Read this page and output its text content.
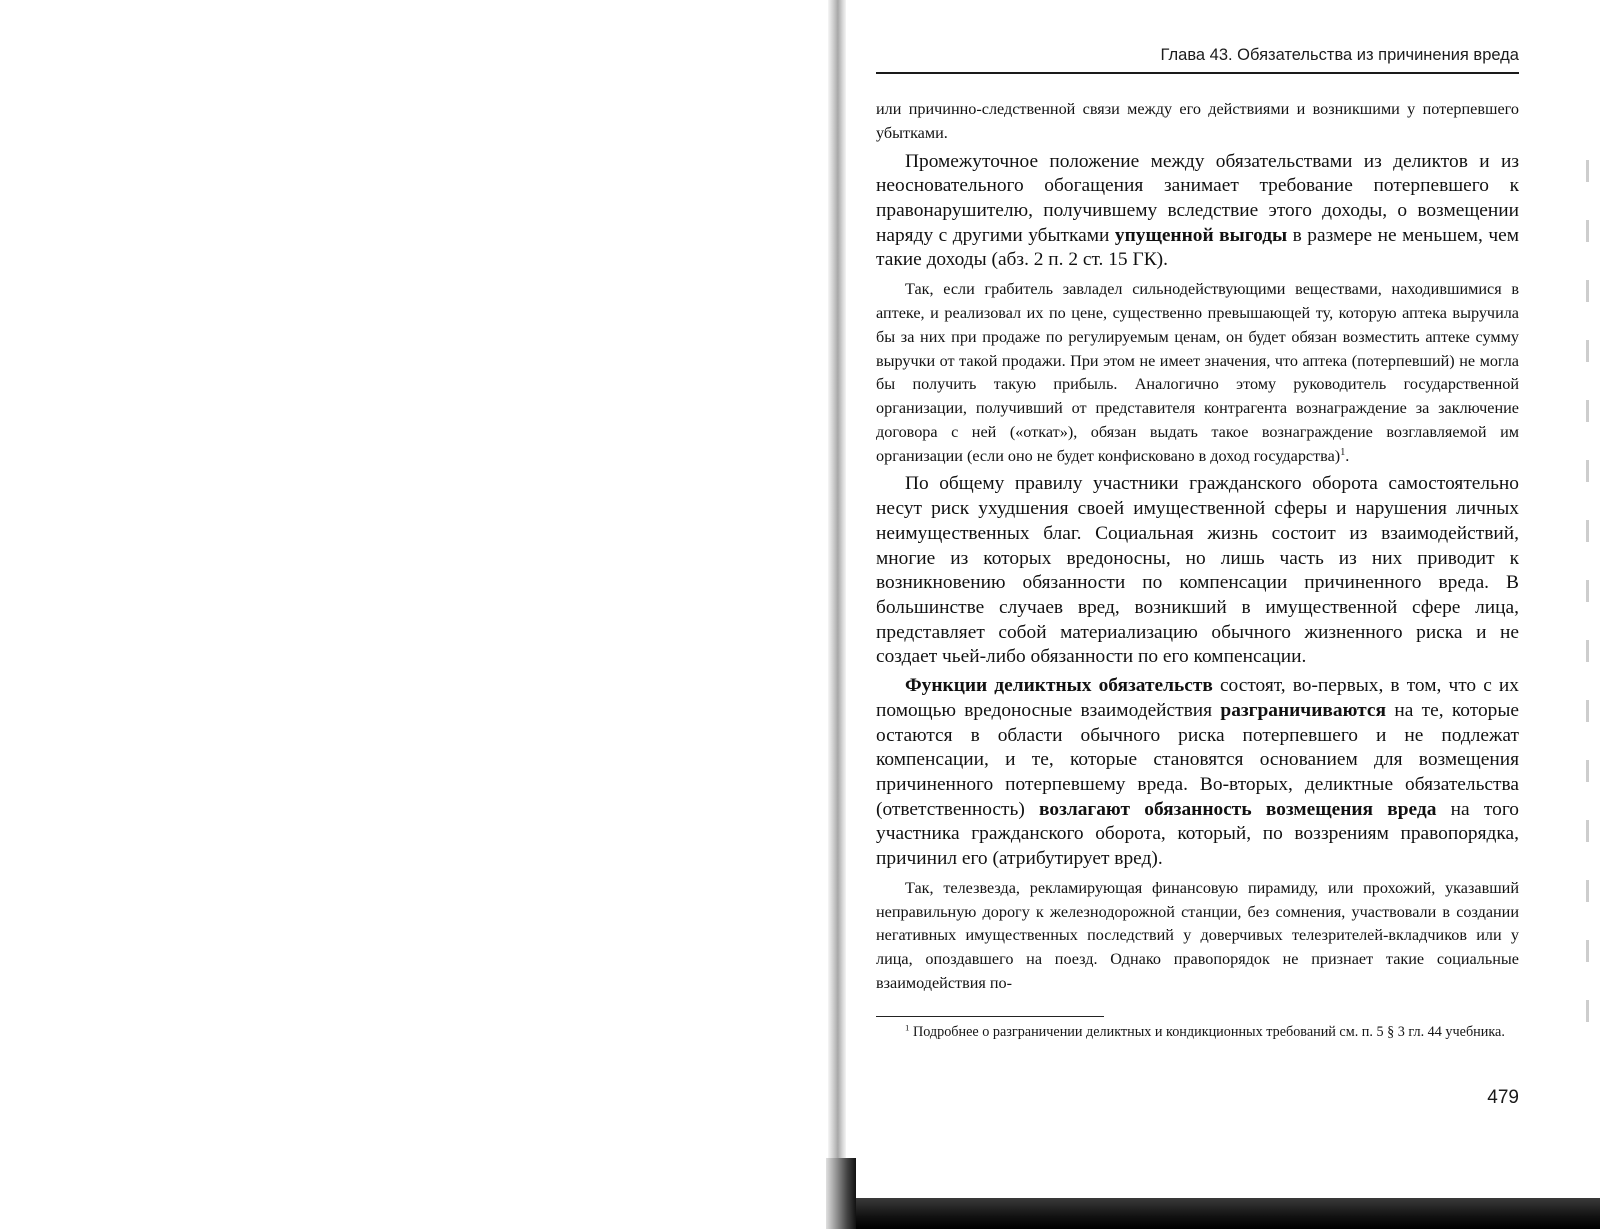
Глава 43. Обязательства из причинения вреда

или причинно-следственной связи между его действиями и возникшими у потерпевшего убытками.

Промежуточное положение между обязательствами из деликтов и из неосновательного обогащения занимает требование потерпевшего к правонарушителю, получившему вследствие этого доходы, о возмещении наряду с другими убытками упущенной выгоды в размере не меньшем, чем такие доходы (абз. 2 п. 2 ст. 15 ГК).

Так, если грабитель завладел сильнодействующими веществами, находившимися в аптеке, и реализовал их по цене, существенно превышающей ту, которую аптека выручила бы за них при продаже по регулируемым ценам, он будет обязан возместить аптеке сумму выручки от такой продажи. При этом не имеет значения, что аптека (потерпевший) не могла бы получить такую прибыль. Аналогично этому руководитель государственной организации, получивший от представителя контрагента вознаграждение за заключение договора с ней («откат»), обязан выдать такое вознаграждение возглавляемой им организации (если оно не будет конфисковано в доход государства)$^1$.

По общему правилу участники гражданского оборота самостоятельно несут риск ухудшения своей имущественной сферы и нарушения личных неимущественных благ. Социальная жизнь состоит из взаимодействий, многие из которых вредоносны, но лишь часть из них приводит к возникновению обязанности по компенсации причиненного вреда. В большинстве случаев вред, возникший в имущественной сфере лица, представляет собой материализацию обычного жизненного риска и не создает чьей-либо обязанности по его компенсации.

Функции деликтных обязательств состоят, во-первых, в том, что с их помощью вредоносные взаимодействия разграничиваются на те, которые остаются в области обычного риска потерпевшего и не подлежат компенсации, и те, которые становятся основанием для возмещения причиненного потерпевшему вреда. Во-вторых, деликтные обязательства (ответственность) возлагают обязанность возмещения вреда на того участника гражданского оборота, который, по воззрениям правопорядка, причинил его (атрибутирует вред).

Так, телезвезда, рекламирующая финансовую пирамиду, или прохожий, указавший неправильную дорогу к железнодорожной станции, без сомнения, участвовали в создании негативных имущественных последствий у доверчивых телезрителей-вкладчиков или у лица, опоздавшего на поезд. Однако правопорядок не признает такие социальные взаимодействия по-

$^1$ Подробнее о разграничении деликтных и кондикционных требований см. п. 5 § 3 гл. 44 учебника.
479
